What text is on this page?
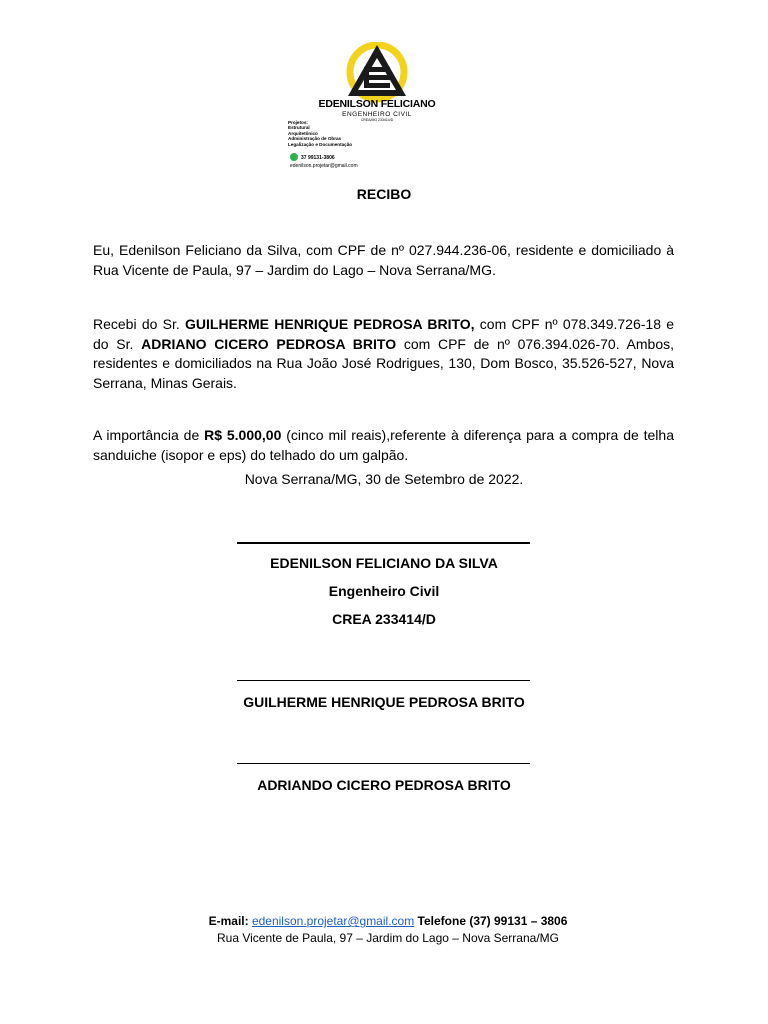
EDENILSON FELICIANO
ENGENHEIRO CIVIL
CREA/MG 233414/D
Projetos:
Estrutural
Arquitetônico
Administração de Obras
Legalização e Documentação
37 99131-3806
edenilson.projetar@gmail.com
RECIBO
Eu, Edenilson Feliciano da Silva, com CPF de nº 027.944.236-06, residente e domiciliado à Rua Vicente de Paula, 97 – Jardim do Lago – Nova Serrana/MG.
Recebi do Sr. GUILHERME HENRIQUE PEDROSA BRITO, com CPF nº 078.349.726-18 e do Sr. ADRIANO CICERO PEDROSA BRITO com CPF de nº 076.394.026-70. Ambos, residentes e domiciliados na Rua João José Rodrigues, 130, Dom Bosco, 35.526-527, Nova Serrana, Minas Gerais.
A importância de R$ 5.000,00 (cinco mil reais),referente à diferença para a compra de telha sanduiche (isopor e eps) do telhado do um galpão.
Nova Serrana/MG, 30 de Setembro de 2022.
EDENILSON FELICIANO DA SILVA
Engenheiro Civil
CREA 233414/D
GUILHERME HENRIQUE PEDROSA BRITO
ADRIANDO CICERO PEDROSA BRITO
E-mail: edenilson.projetar@gmail.com Telefone (37) 99131 – 3806
Rua Vicente de Paula, 97 – Jardim do Lago – Nova Serrana/MG
